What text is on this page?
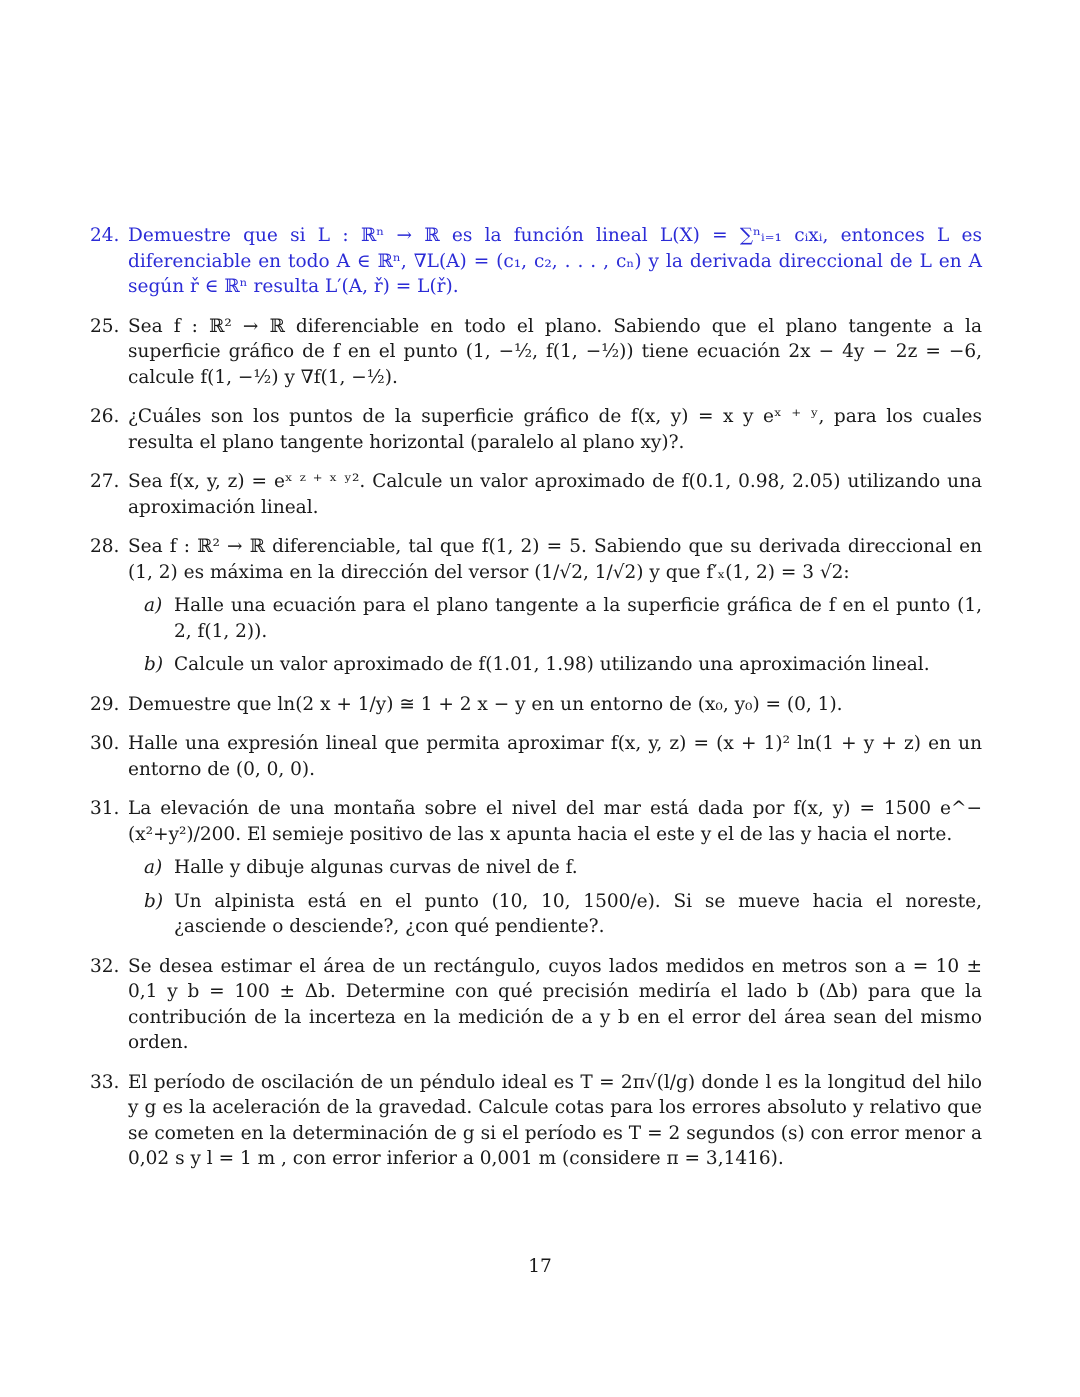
24. Demuestre que si L : ℝⁿ → ℝ es la función lineal L(X) = ∑ⁿᵢ₌₁ cᵢxᵢ, entonces L es diferenciable en todo A ∈ ℝⁿ, ∇L(A) = (c₁, c₂, . . . , cₙ) y la derivada direccional de L en A según ř ∈ ℝⁿ resulta L′(A, ř) = L(ř).
25. Sea f : ℝ² → ℝ diferenciable en todo el plano. Sabiendo que el plano tangente a la superficie gráfico de f en el punto (1, −½, f(1, −½)) tiene ecuación 2x − 4y − 2z = −6, calcule f(1, −½) y ∇f(1, −½).
26. ¿Cuáles son los puntos de la superficie gráfico de f(x, y) = x y eˣ ⁺ ʸ, para los cuales resulta el plano tangente horizontal (paralelo al plano xy)?.
27. Sea f(x, y, z) = eˣ ᶻ ⁺ ˣ ʸ². Calcule un valor aproximado de f(0.1, 0.98, 2.05) utilizando una aproximación lineal.
28. Sea f : ℝ² → ℝ diferenciable, tal que f(1, 2) = 5. Sabiendo que su derivada direccional en (1, 2) es máxima en la dirección del versor (1/√2, 1/√2) y que f′ₓ(1, 2) = 3 √2:
a) Halle una ecuación para el plano tangente a la superficie gráfica de f en el punto (1, 2, f(1, 2)).
b) Calcule un valor aproximado de f(1.01, 1.98) utilizando una aproximación lineal.
29. Demuestre que ln(2 x + 1/y) ≅ 1 + 2 x − y en un entorno de (x₀, y₀) = (0, 1).
30. Halle una expresión lineal que permita aproximar f(x, y, z) = (x + 1)² ln(1 + y + z) en un entorno de (0, 0, 0).
31. La elevación de una montaña sobre el nivel del mar está dada por f(x, y) = 1500 e^−(x²+y²)/200. El semieje positivo de las x apunta hacia el este y el de las y hacia el norte.
a) Halle y dibuje algunas curvas de nivel de f.
b) Un alpinista está en el punto (10, 10, 1500/e). Si se mueve hacia el noreste, ¿asciende o desciende?, ¿con qué pendiente?.
32. Se desea estimar el área de un rectángulo, cuyos lados medidos en metros son a = 10 ± 0,1 y b = 100 ± Δb. Determine con qué precisión mediría el lado b (Δb) para que la contribución de la incerteza en la medición de a y b en el error del área sean del mismo orden.
33. El período de oscilación de un péndulo ideal es T = 2π√(l/g) donde l es la longitud del hilo y g es la aceleración de la gravedad. Calcule cotas para los errores absoluto y relativo que se cometen en la determinación de g si el período es T = 2 segundos (s) con error menor a 0,02 s y l = 1 m , con error inferior a 0,001 m (considere π = 3,1416).
17
